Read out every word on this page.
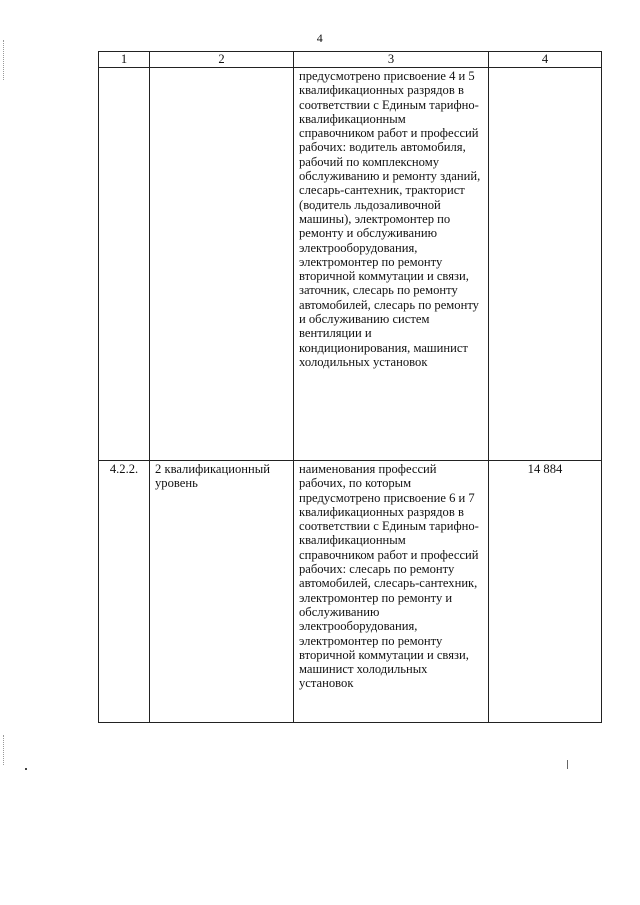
4
1	2	3	4
		предусмотрено присвоение 4 и 5 квалификационных разрядов в соответствии с Единым тарифно-квалификационным справочником работ и профессий рабочих: водитель автомобиля, рабочий по комплексному обслуживанию и ремонту зданий, слесарь-сантехник, тракторист (водитель льдозаливочной машины), электромонтер по ремонту и обслуживанию электрооборудования, электромонтер по ремонту вторичной коммутации и связи, заточник, слесарь по ремонту автомобилей, слесарь по ремонту и обслуживанию систем вентиляции и кондиционирования, машинист холодильных установок	
4.2.2.	2 квалификационный уровень	наименования профессий рабочих, по которым предусмотрено присвоение 6 и 7 квалификационных разрядов в соответствии с Единым тарифно-квалификационным справочником работ и профессий рабочих: слесарь по ремонту автомобилей, слесарь-сантехник, электромонтер по ремонту и обслуживанию электрооборудования, электромонтер по ремонту вторичной коммутации и связи, машинист холодильных установок	14 884
